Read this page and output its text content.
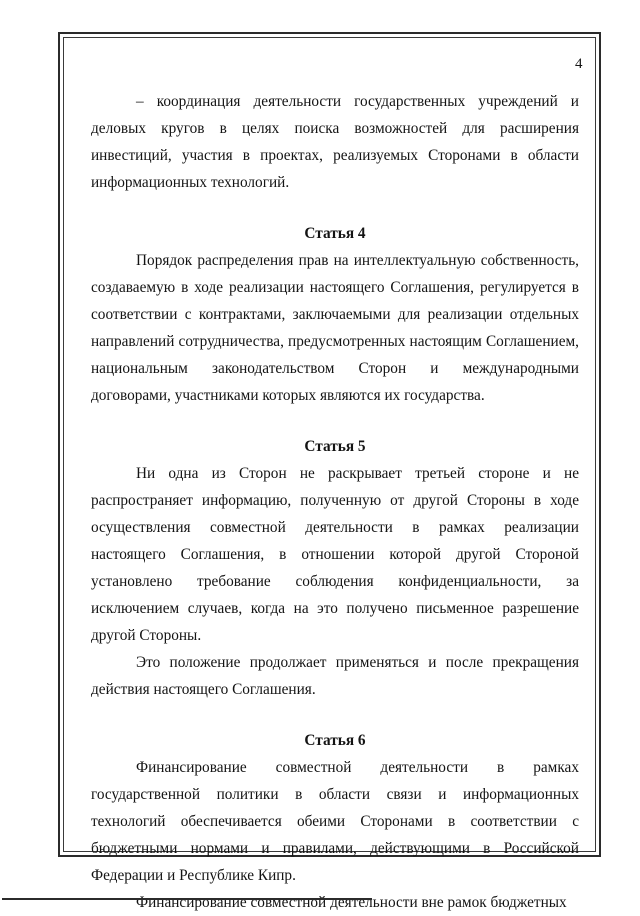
4

– координация деятельности государственных учреждений и деловых кругов в целях поиска возможностей для расширения инвестиций, участия в проектах, реализуемых Сторонами в области информационных технологий.

Статья 4

Порядок распределения прав на интеллектуальную собственность, создаваемую в ходе реализации настоящего Соглашения, регулируется в соответствии с контрактами, заключаемыми для реализации отдельных направлений сотрудничества, предусмотренных настоящим Соглашением, национальным законодательством Сторон и международными договорами, участниками которых являются их государства.

Статья 5

Ни одна из Сторон не раскрывает третьей стороне и не распространяет информацию, полученную от другой Стороны в ходе осуществления совместной деятельности в рамках реализации настоящего Соглашения, в отношении которой другой Стороной установлено требование соблюдения конфиденциальности, за исключением случаев, когда на это получено письменное разрешение другой Стороны.

Это положение продолжает применяться и после прекращения действия настоящего Соглашения.

Статья 6

Финансирование совместной деятельности в рамках государственной политики в области связи и информационных технологий обеспечивается обеими Сторонами в соответствии с бюджетными нормами и правилами, действующими в Российской Федерации и Республике Кипр.

Финансирование совместной деятельности вне рамок бюджетных
